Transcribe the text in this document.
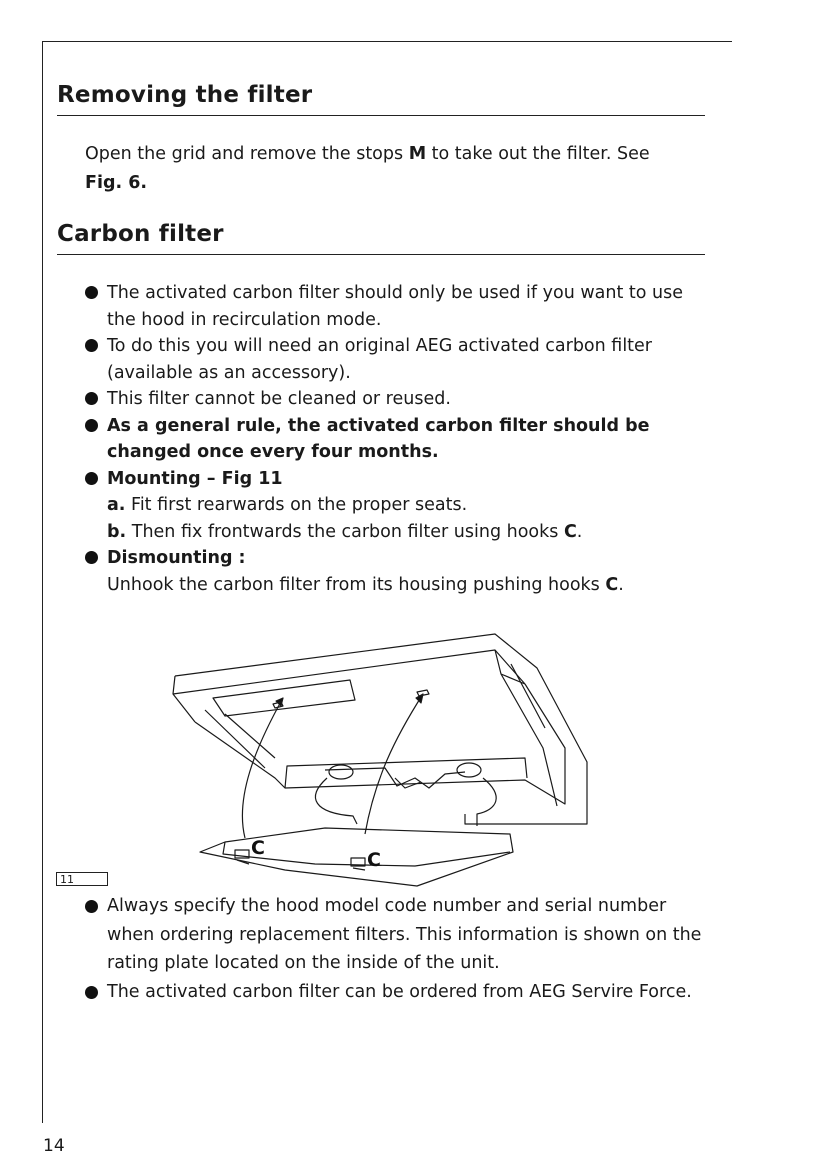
Removing the filter
Open the grid and remove the stops M to take out the filter. See
Fig. 6.
Carbon filter
The activated carbon filter should only be used if you want to use the hood in recirculation mode.
To do this you will need an original AEG activated carbon filter (available as an accessory).
This filter cannot be cleaned or reused.
As a general rule, the activated carbon filter should be changed once every four months.
Mounting – Fig 11
a. Fit first rearwards on the proper seats.
b. Then fix frontwards the carbon filter using hooks C.
Dismounting :
Unhook the carbon filter from its housing pushing hooks C.
C
C
11
Always specify the hood model code number and serial number when ordering replacement filters. This information is shown on the rating plate located on the inside of the unit.
The activated carbon filter can be ordered from AEG Servire Force.
14
